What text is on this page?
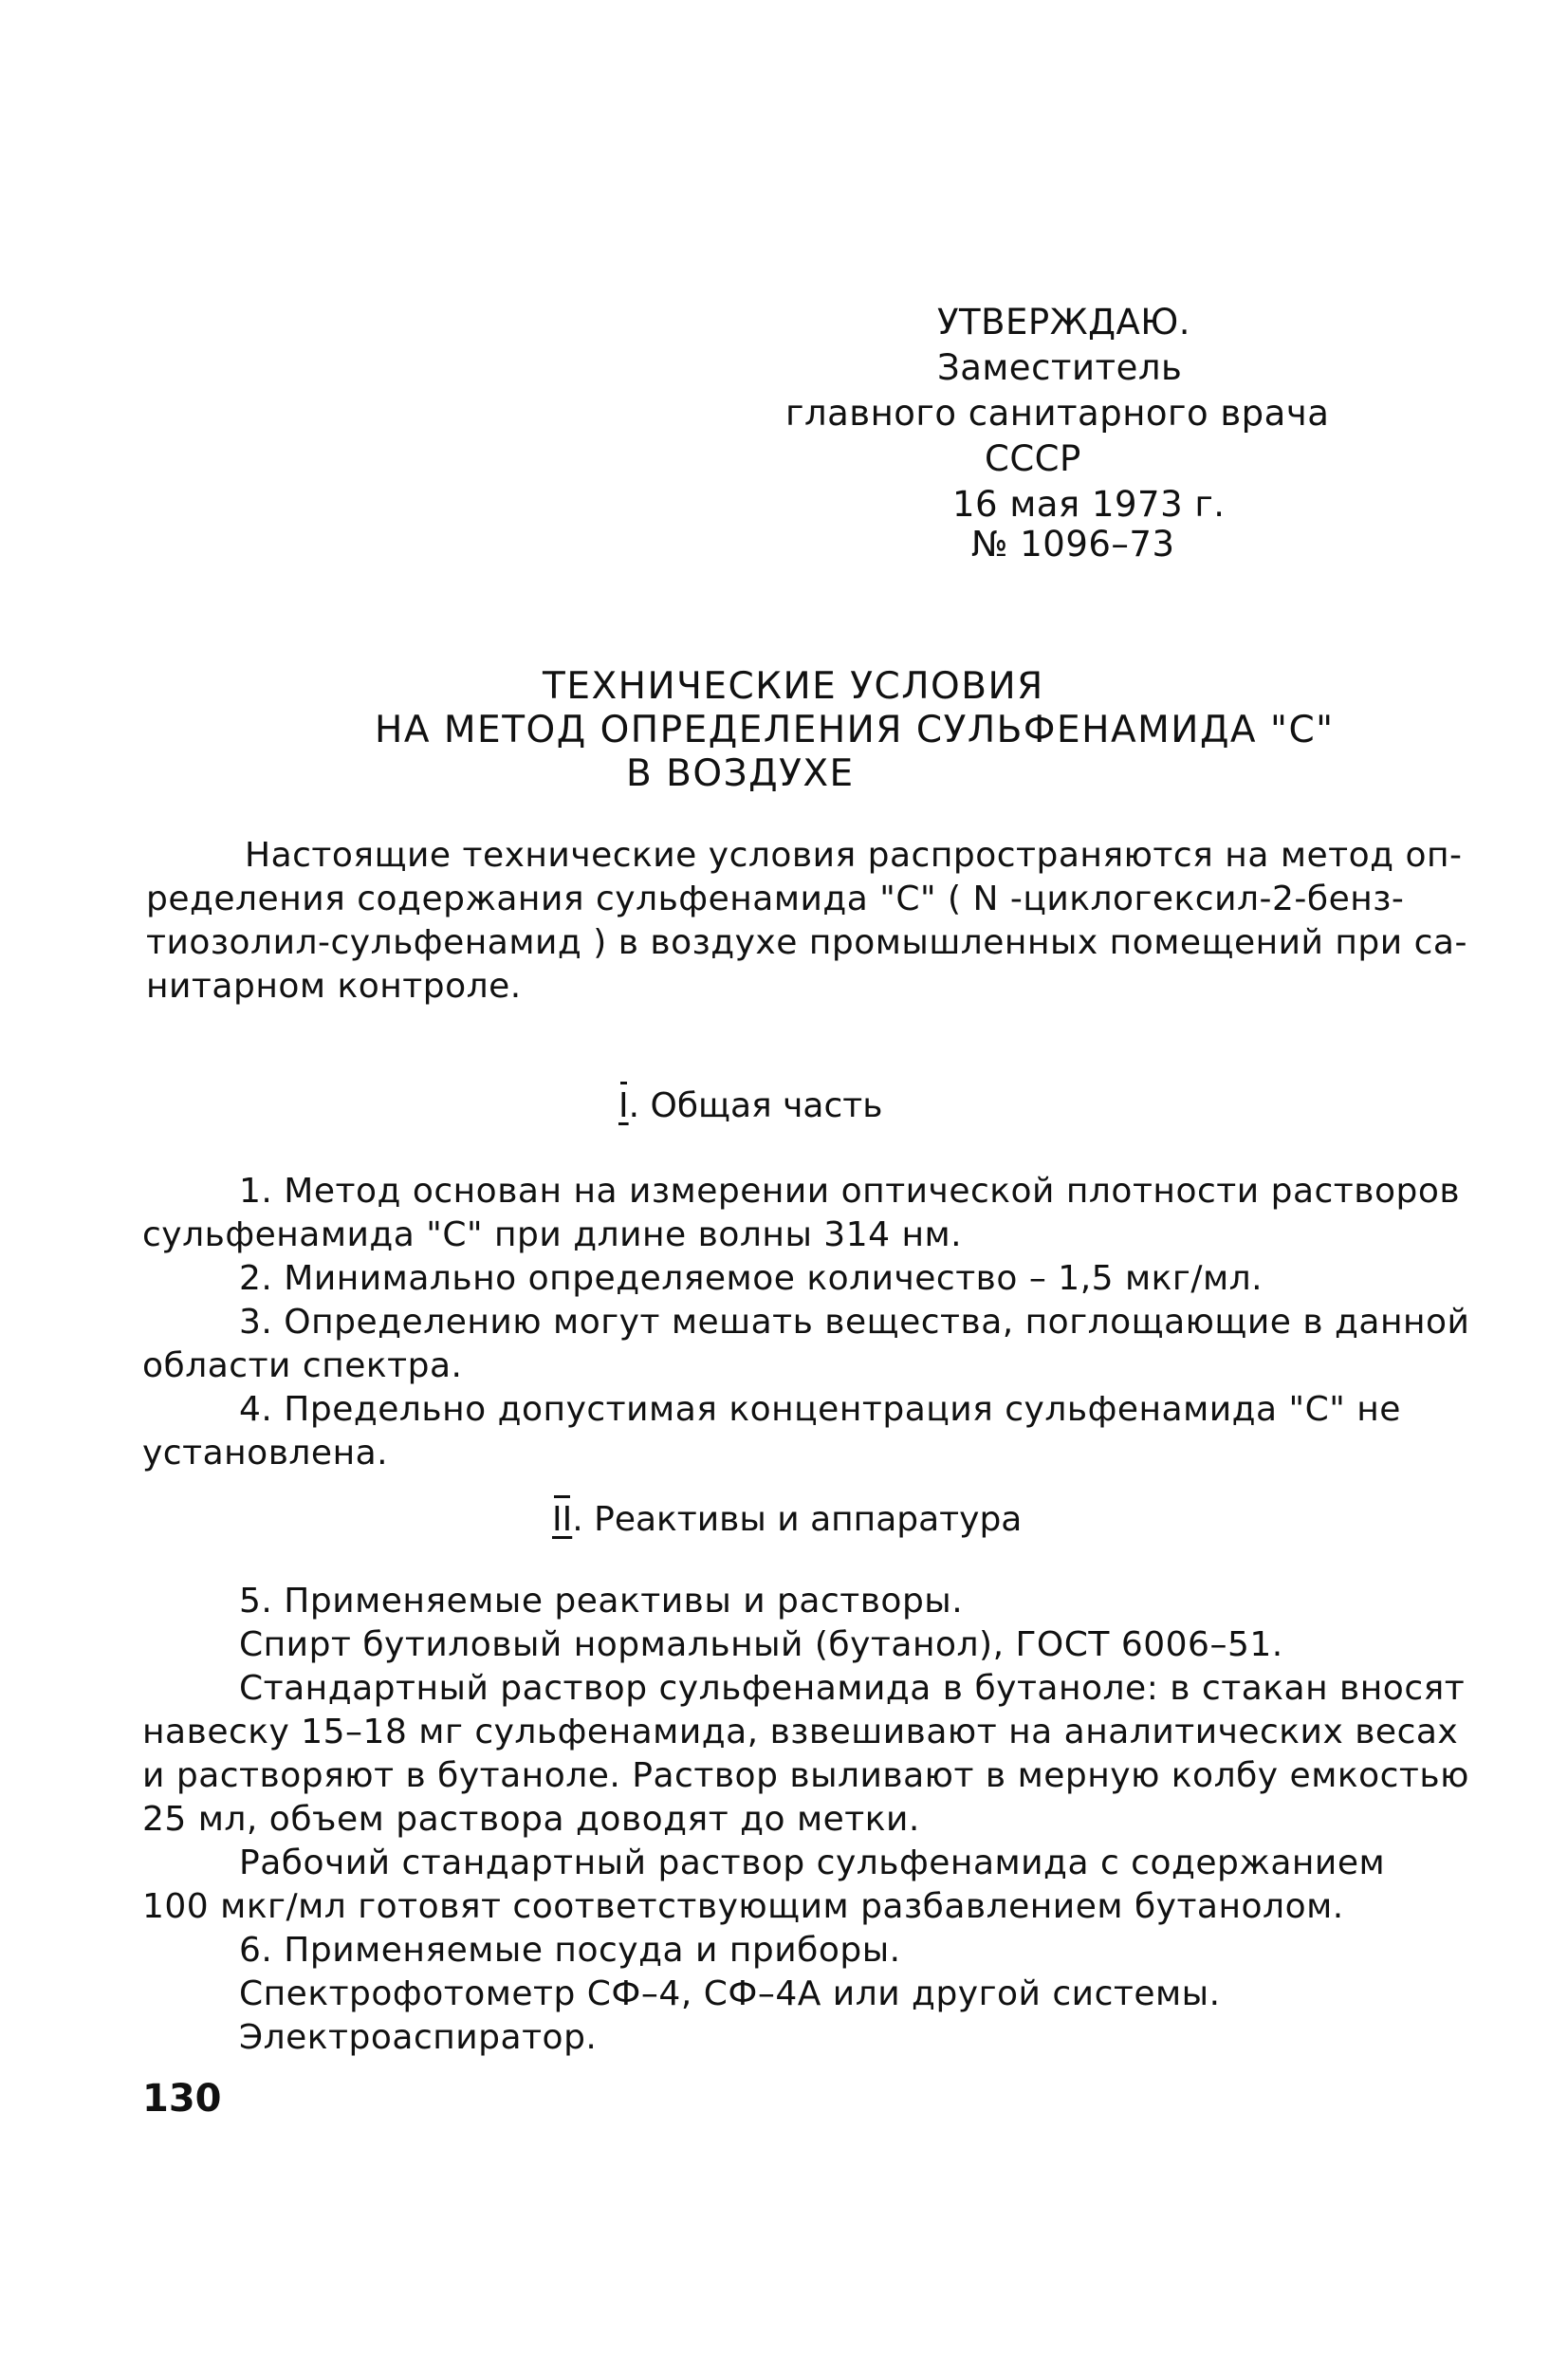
УТВЕРЖДАЮ.
Заместитель
главного санитарного врача
СССР
16 мая 1973 г.
№ 1096–73
ТЕХНИЧЕСКИЕ УСЛОВИЯ
НА МЕТОД ОПРЕДЕЛЕНИЯ СУЛЬФЕНАМИДА "С"
В ВОЗДУХЕ
Настоящие технические условия распространяются на метод оп-
ределения содержания сульфенамида "С" ( N -циклогексил-2-бенз-
тиозолил-сульфенамид ) в воздухе промышленных помещений при са-
нитарном контроле.
I. Общая часть
1. Метод основан на измерении оптической плотности растворов
сульфенамида "С" при длине волны 314 нм.
2. Минимально определяемое количество – 1,5 мкг/мл.
3. Определению могут мешать вещества, поглощающие в данной
области спектра.
4. Предельно допустимая концентрация сульфенамида "С" не
установлена.
II. Реактивы и аппаратура
5. Применяемые реактивы и растворы.
Спирт бутиловый нормальный (бутанол), ГОСТ 6006–51.
Стандартный раствор сульфенамида в бутаноле: в стакан вносят
навеску 15–18 мг сульфенамида, взвешивают на аналитических весах
и растворяют в бутаноле. Раствор выливают в мерную колбу емкостью
25 мл, объем раствора доводят до метки.
Рабочий стандартный раствор сульфенамида с содержанием
100 мкг/мл готовят соответствующим разбавлением бутанолом.
6. Применяемые посуда и приборы.
Спектрофотометр СФ–4, СФ–4А или другой системы.
Электроаспиратор.
130
